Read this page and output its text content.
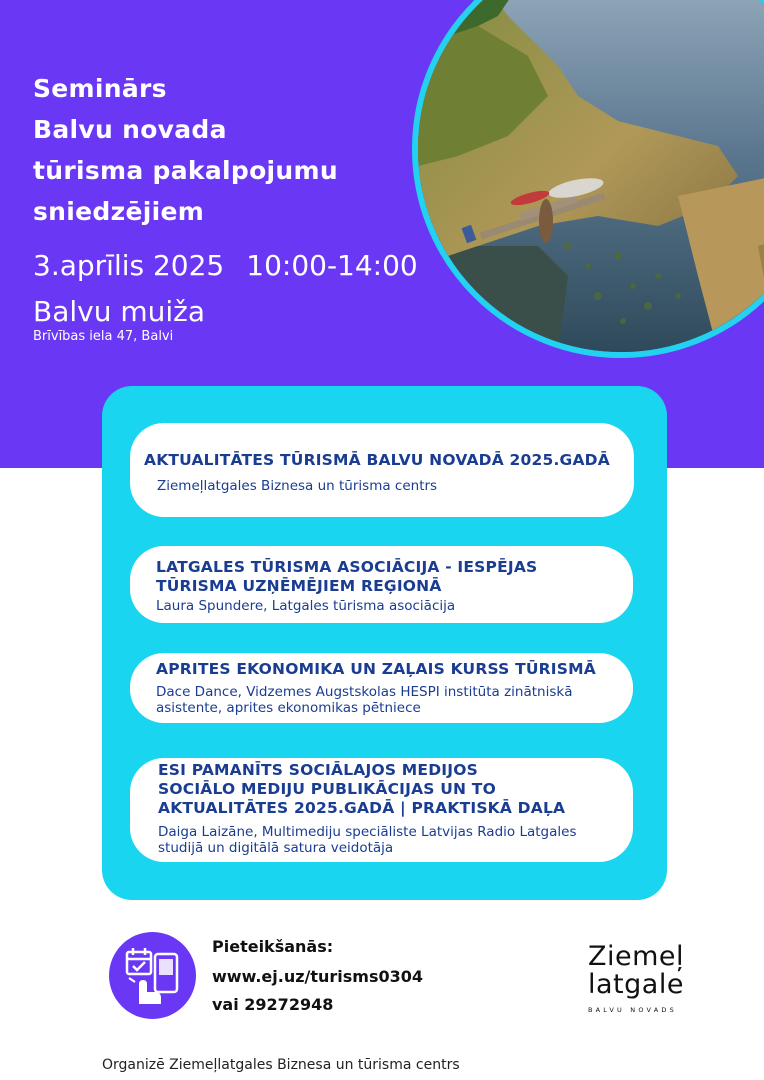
Seminārs
Balvu novada
tūrisma pakalpojumu
sniedzējiem
3.aprīlis 2025 10:00-14:00
Balvu muiža
Brīvības iela 47, Balvi
AKTUALITĀTES TŪRISMĀ BALVU NOVADĀ 2025.GADĀ
Ziemeļlatgales Biznesa un tūrisma centrs
LATGALES TŪRISMA ASOCIĀCIJA - IESPĒJAS
TŪRISMA UZŅĒMĒJIEM REĢIONĀ
Laura Spundere, Latgales tūrisma asociācija
APRITES EKONOMIKA UN ZAĻAIS KURSS TŪRISMĀ
Dace Dance, Vidzemes Augstskolas HESPI institūta zinātniskā
asistente, aprites ekonomikas pētniece
ESI PAMANĪTS SOCIĀLAJOS MEDIJOS
SOCIĀLO MEDIJU PUBLIKĀCIJAS UN TO
AKTUALITĀTES 2025.GADĀ | PRAKTISKĀ DAĻA
Daiga Laizāne, Multimediju speciāliste Latvijas Radio Latgales
studijā un digitālā satura veidotāja
Pieteikšanās:
www.ej.uz/turisms0304
vai 29272948
Ziemeļ
latgale
BALVU NOVADS
Organizē Ziemeļlatgales Biznesa un tūrisma centrs
